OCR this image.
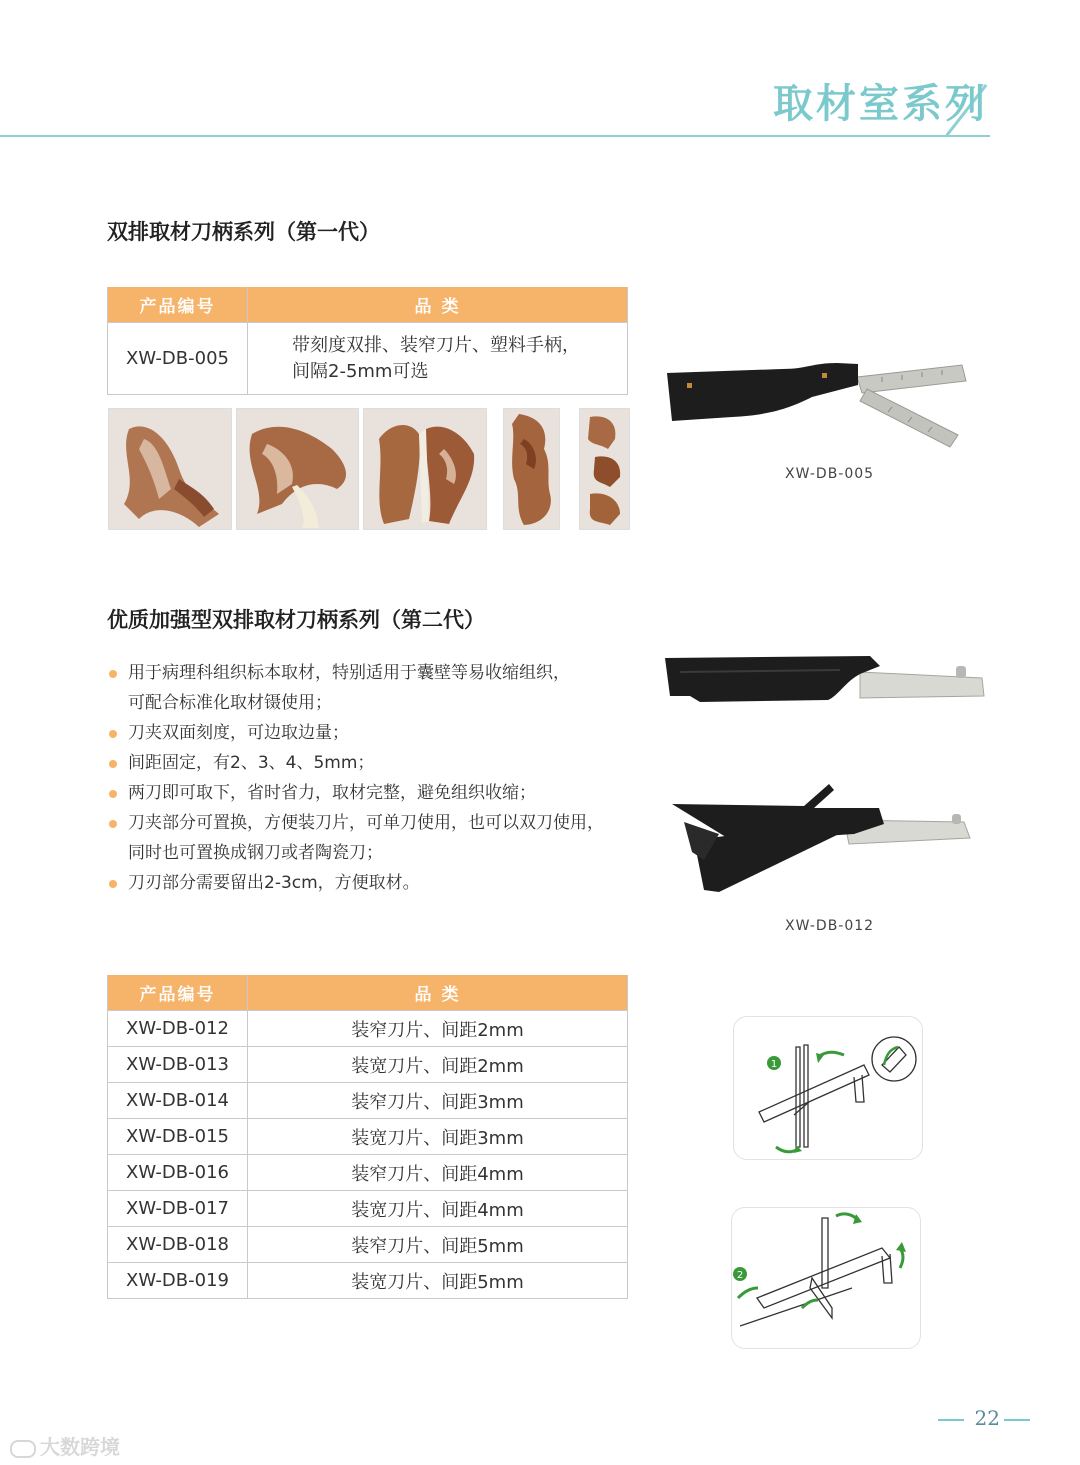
取材室系列
双排取材刀柄系列（第一代）
产品编号	品 类
XW-DB-005	带刻度双排、装窄刀片、塑料手柄，
间隔2-5mm可选
XW-DB-005
优质加强型双排取材刀柄系列（第二代）
用于病理科组织标本取材，特别适用于囊壁等易收缩组织，
可配合标准化取材镊使用；
刀夹双面刻度，可边取边量；
间距固定，有2、3、4、5mm；
两刀即可取下，省时省力，取材完整，避免组织收缩；
刀夹部分可置换，方便装刀片，可单刀使用，也可以双刀使用，
同时也可置换成钢刀或者陶瓷刀；
刀刃部分需要留出2-3cm，方便取材。
XW-DB-012
产品编号	品 类
XW-DB-012	装窄刀片、间距2mm
XW-DB-013	装宽刀片、间距2mm
XW-DB-014	装窄刀片、间距3mm
XW-DB-015	装宽刀片、间距3mm
XW-DB-016	装窄刀片、间距4mm
XW-DB-017	装宽刀片、间距4mm
XW-DB-018	装窄刀片、间距5mm
XW-DB-019	装宽刀片、间距5mm
1
2
22
大数跨境
